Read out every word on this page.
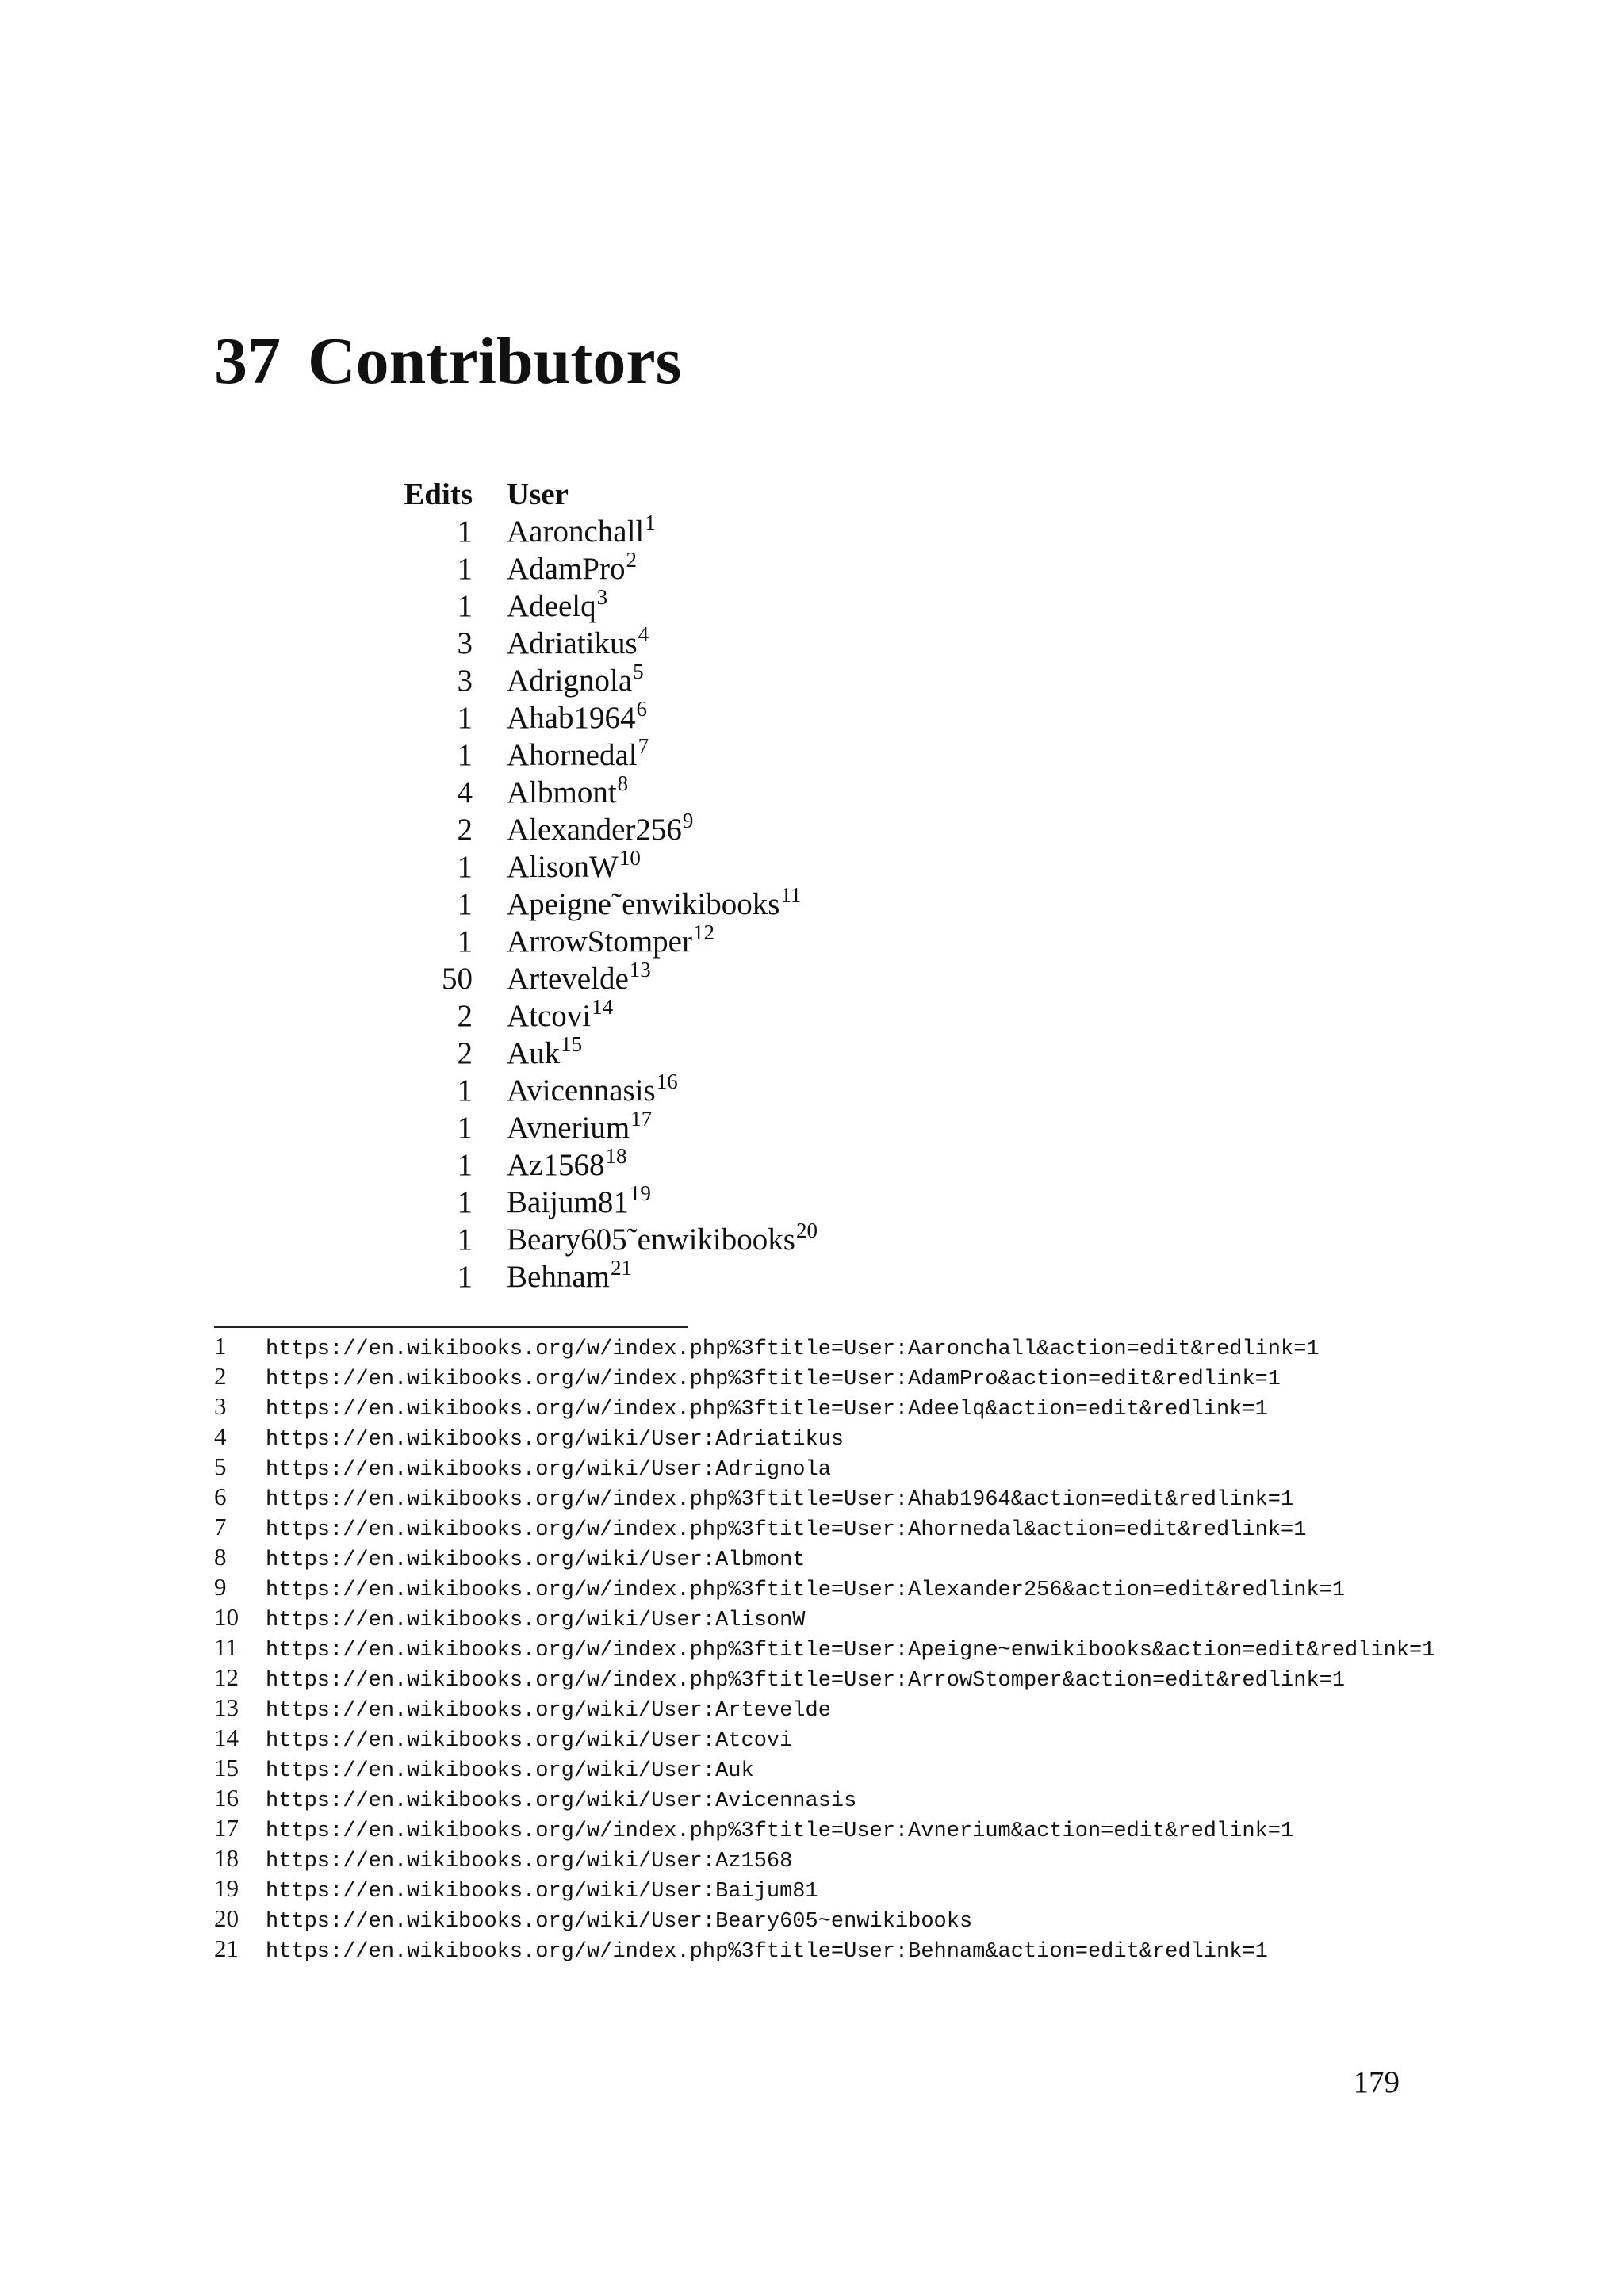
37 Contributors
Edits User
1 Aaronchall$^1$
1 AdamPro$^2$
1 Adeelq$^3$
3 Adriatikus$^4$
3 Adrignola$^5$
1 Ahab1964$^6$
1 Ahornedal$^7$
4 Albmont$^8$
2 Alexander256$^9$
1 AlisonW$^{10}$
1 Apeigne˜enwikibooks$^{11}$
1 ArrowStomper$^{12}$
50 Artevelde$^{13}$
2 Atcovi$^{14}$
2 Auk$^{15}$
1 Avicennasis$^{16}$
1 Avnerium$^{17}$
1 Az1568$^{18}$
1 Baijum81$^{19}$
1 Beary605˜enwikibooks$^{20}$
1 Behnam$^{21}$
1 https://en.wikibooks.org/w/index.php%3ftitle=User:Aaronchall&action=edit&redlink=1
2 https://en.wikibooks.org/w/index.php%3ftitle=User:AdamPro&action=edit&redlink=1
3 https://en.wikibooks.org/w/index.php%3ftitle=User:Adeelq&action=edit&redlink=1
4 https://en.wikibooks.org/wiki/User:Adriatikus
5 https://en.wikibooks.org/wiki/User:Adrignola
6 https://en.wikibooks.org/w/index.php%3ftitle=User:Ahab1964&action=edit&redlink=1
7 https://en.wikibooks.org/w/index.php%3ftitle=User:Ahornedal&action=edit&redlink=1
8 https://en.wikibooks.org/wiki/User:Albmont
9 https://en.wikibooks.org/w/index.php%3ftitle=User:Alexander256&action=edit&redlink=1
10 https://en.wikibooks.org/wiki/User:AlisonW
11 https://en.wikibooks.org/w/index.php%3ftitle=User:Apeigne~enwikibooks&action=edit&redlink=1
12 https://en.wikibooks.org/w/index.php%3ftitle=User:ArrowStomper&action=edit&redlink=1
13 https://en.wikibooks.org/wiki/User:Artevelde
14 https://en.wikibooks.org/wiki/User:Atcovi
15 https://en.wikibooks.org/wiki/User:Auk
16 https://en.wikibooks.org/wiki/User:Avicennasis
17 https://en.wikibooks.org/w/index.php%3ftitle=User:Avnerium&action=edit&redlink=1
18 https://en.wikibooks.org/wiki/User:Az1568
19 https://en.wikibooks.org/wiki/User:Baijum81
20 https://en.wikibooks.org/wiki/User:Beary605~enwikibooks
21 https://en.wikibooks.org/w/index.php%3ftitle=User:Behnam&action=edit&redlink=1
179
